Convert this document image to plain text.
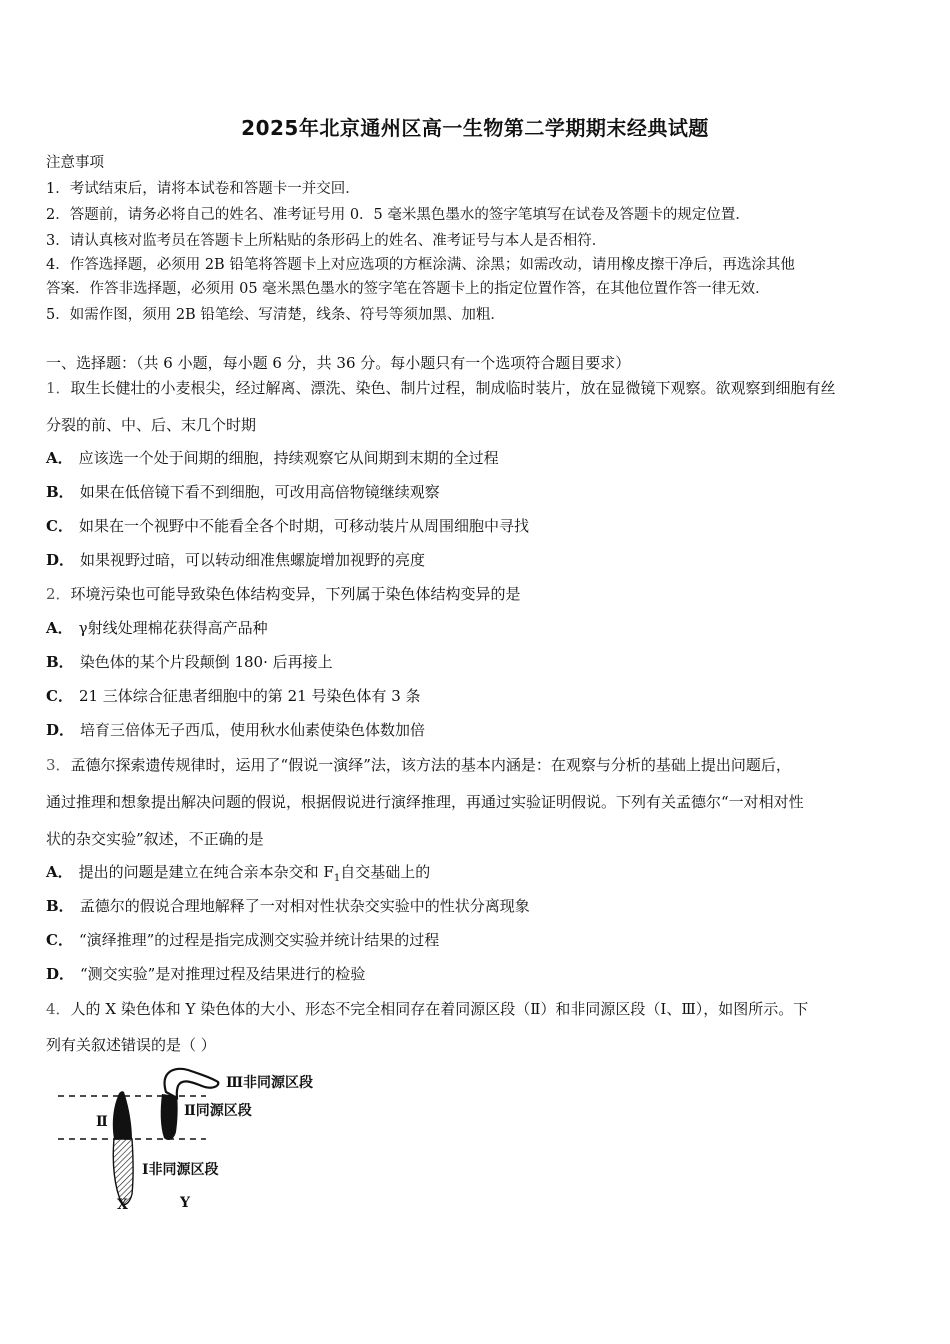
2025年北京通州区高一生物第二学期期末经典试题
注意事项
1．考试结束后，请将本试卷和答题卡一并交回．
2．答题前，请务必将自己的姓名、准考证号用 0．5 毫米黑色墨水的签字笔填写在试卷及答题卡的规定位置．
3．请认真核对监考员在答题卡上所粘贴的条形码上的姓名、准考证号与本人是否相符．
4．作答选择题，必须用 2B 铅笔将答题卡上对应选项的方框涂满、涂黑；如需改动，请用橡皮擦干净后，再选涂其他
答案．作答非选择题，必须用 05 毫米黑色墨水的签字笔在答题卡上的指定位置作答，在其他位置作答一律无效．
5．如需作图，须用 2B 铅笔绘、写清楚，线条、符号等须加黑、加粗．
一、选择题：（共 6 小题，每小题 6 分，共 36 分。每小题只有一个选项符合题目要求）
1．取生长健壮的小麦根尖，经过解离、漂洗、染色、制片过程，制成临时装片，放在显微镜下观察。欲观察到细胞有丝
分裂的前、中、后、末几个时期
A． 应该选一个处于间期的细胞，持续观察它从间期到末期的全过程
B． 如果在低倍镜下看不到细胞，可改用高倍物镜继续观察
C． 如果在一个视野中不能看全各个时期，可移动装片从周围细胞中寻找
D． 如果视野过暗，可以转动细准焦螺旋增加视野的亮度
2．环境污染也可能导致染色体结构变异，下列属于染色体结构变异的是
A． γ射线处理棉花获得高产品种
B． 染色体的某个片段颠倒 180· 后再接上
C． 21 三体综合征患者细胞中的第 21 号染色体有 3 条
D． 培育三倍体无子西瓜，使用秋水仙素使染色体数加倍
3．孟德尔探索遗传规律时，运用了“假说一演绎”法，该方法的基本内涵是：在观察与分析的基础上提出问题后，
通过推理和想象提出解决问题的假说，根据假说进行演绎推理，再通过实验证明假说。下列有关孟德尔“一对相对性
状的杂交实验”叙述，不正确的是
A． 提出的问题是建立在纯合亲本杂交和 $F_1$自交基础上的
B． 孟德尔的假说合理地解释了一对相对性状杂交实验中的性状分离现象
C． “演绎推理”的过程是指完成测交实验并统计结果的过程
D． “测交实验”是对推理过程及结果进行的检验
4．人的 X 染色体和 Y 染色体的大小、形态不完全相同存在着同源区段（Ⅱ）和非同源区段（Ⅰ、Ⅲ），如图所示。下
列有关叙述错误的是（ ）
Ⅲ非同源区段
Ⅱ同源区段
Ⅱ
Ⅰ非同源区段
X	Y
